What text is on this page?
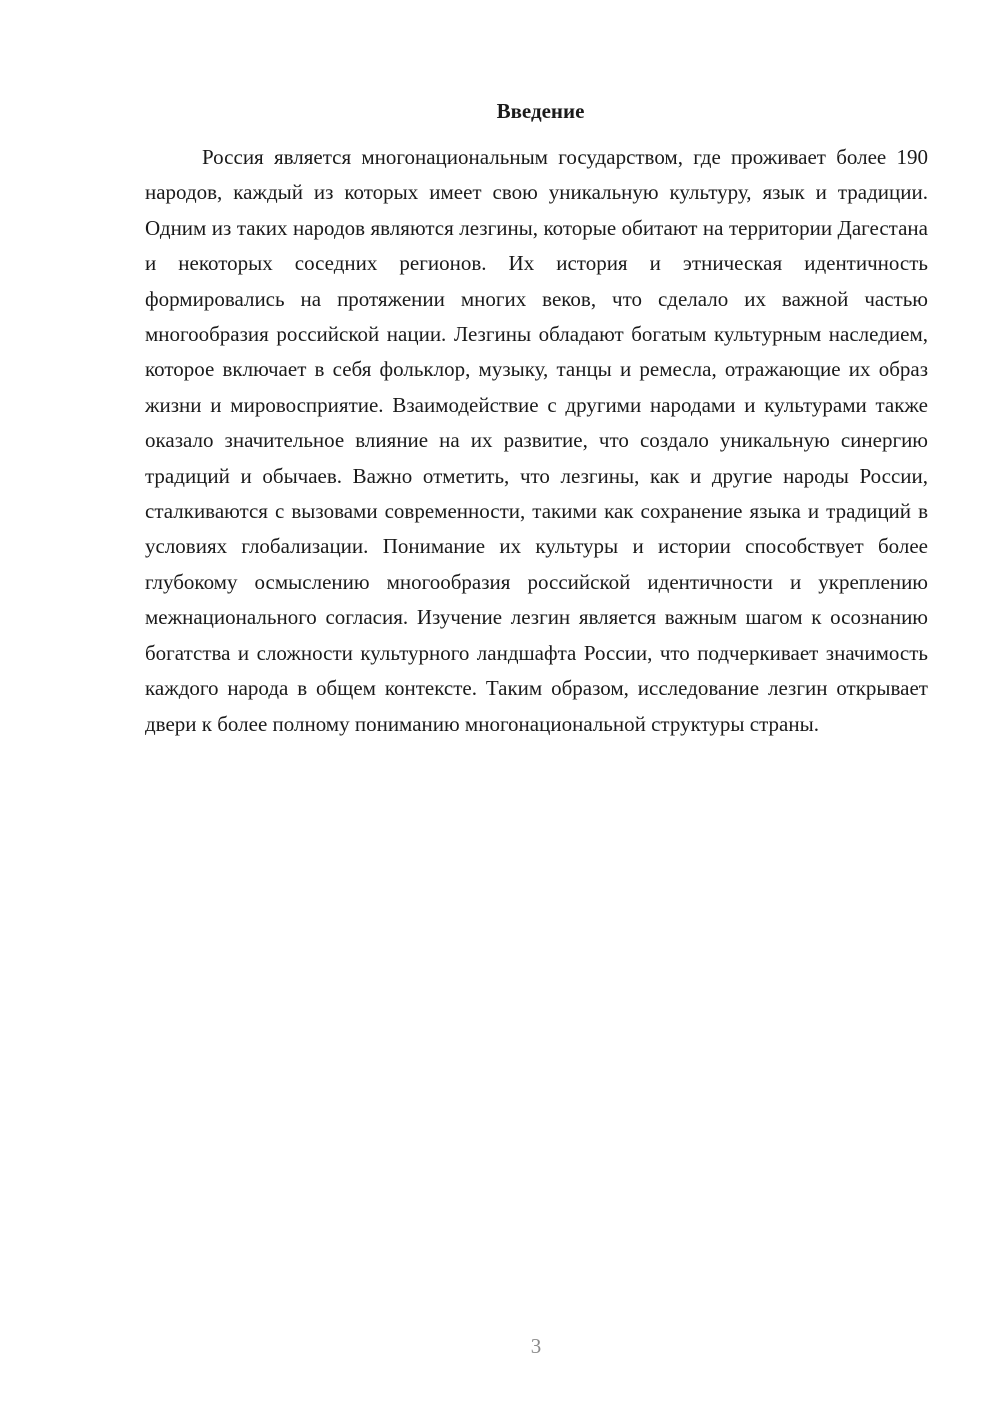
Введение

Россия является многонациональным государством, где проживает более 190 народов, каждый из которых имеет свою уникальную культуру, язык и традиции. Одним из таких народов являются лезгины, которые обитают на территории Дагестана и некоторых соседних регионов. Их история и этническая идентичность формировались на протяжении многих веков, что сделало их важной частью многообразия российской нации. Лезгины обладают богатым культурным наследием, которое включает в себя фольклор, музыку, танцы и ремесла, отражающие их образ жизни и мировосприятие. Взаимодействие с другими народами и культурами также оказало значительное влияние на их развитие, что создало уникальную синергию традиций и обычаев. Важно отметить, что лезгины, как и другие народы России, сталкиваются с вызовами современности, такими как сохранение языка и традиций в условиях глобализации. Понимание их культуры и истории способствует более глубокому осмыслению многообразия российской идентичности и укреплению межнационального согласия. Изучение лезгин является важным шагом к осознанию богатства и сложности культурного ландшафта России, что подчеркивает значимость каждого народа в общем контексте. Таким образом, исследование лезгин открывает двери к более полному пониманию многонациональной структуры страны.

3
